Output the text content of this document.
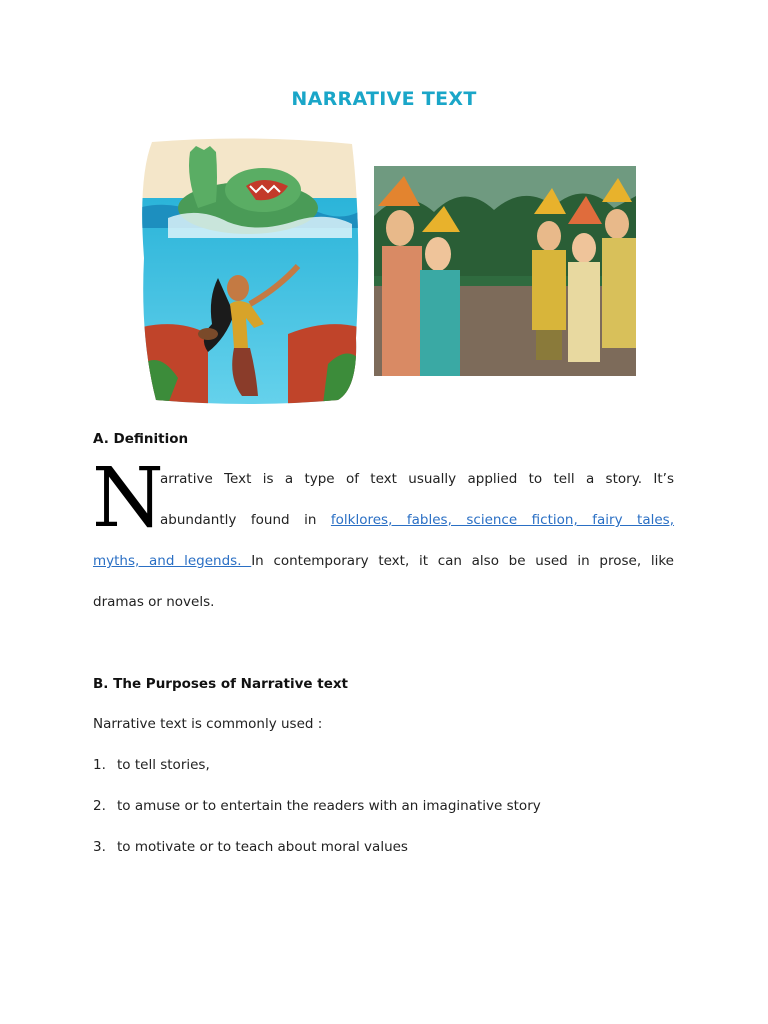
NARRATIVE TEXT
A. Definition
N
arrative Text is a type of text usually applied to tell a story. It’s
abundantly found in folklores, fables, science fiction, fairy tales,
myths, and legends. In contemporary text, it can also be used in prose, like
dramas or novels.
B. The Purposes of Narrative text
Narrative text is commonly used :
1. to tell stories,
2. to amuse or to entertain the readers with an imaginative story
3. to motivate or to teach about moral values
